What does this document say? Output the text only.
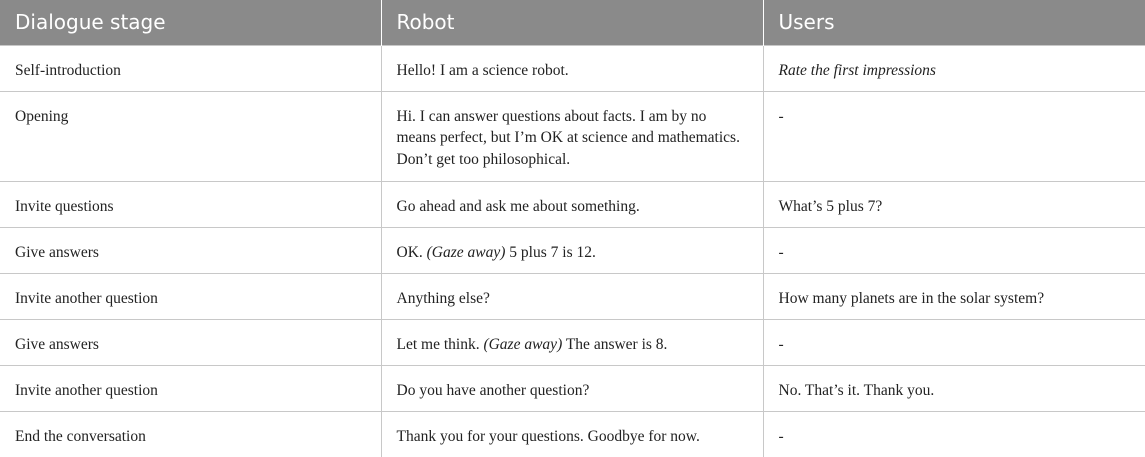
Dialogue stage	Robot	Users
Self-introduction	Hello! I am a science robot.	Rate the first impressions
Opening	Hi. I can answer questions about facts. I am by no means perfect, but I’m OK at science and mathematics. Don’t get too philosophical.	-
Invite questions	Go ahead and ask me about something.	What’s 5 plus 7?
Give answers	OK. (Gaze away) 5 plus 7 is 12.	-
Invite another question	Anything else?	How many planets are in the solar system?
Give answers	Let me think. (Gaze away) The answer is 8.	-
Invite another question	Do you have another question?	No. That’s it. Thank you.
End the conversation	Thank you for your questions. Goodbye for now.	-
